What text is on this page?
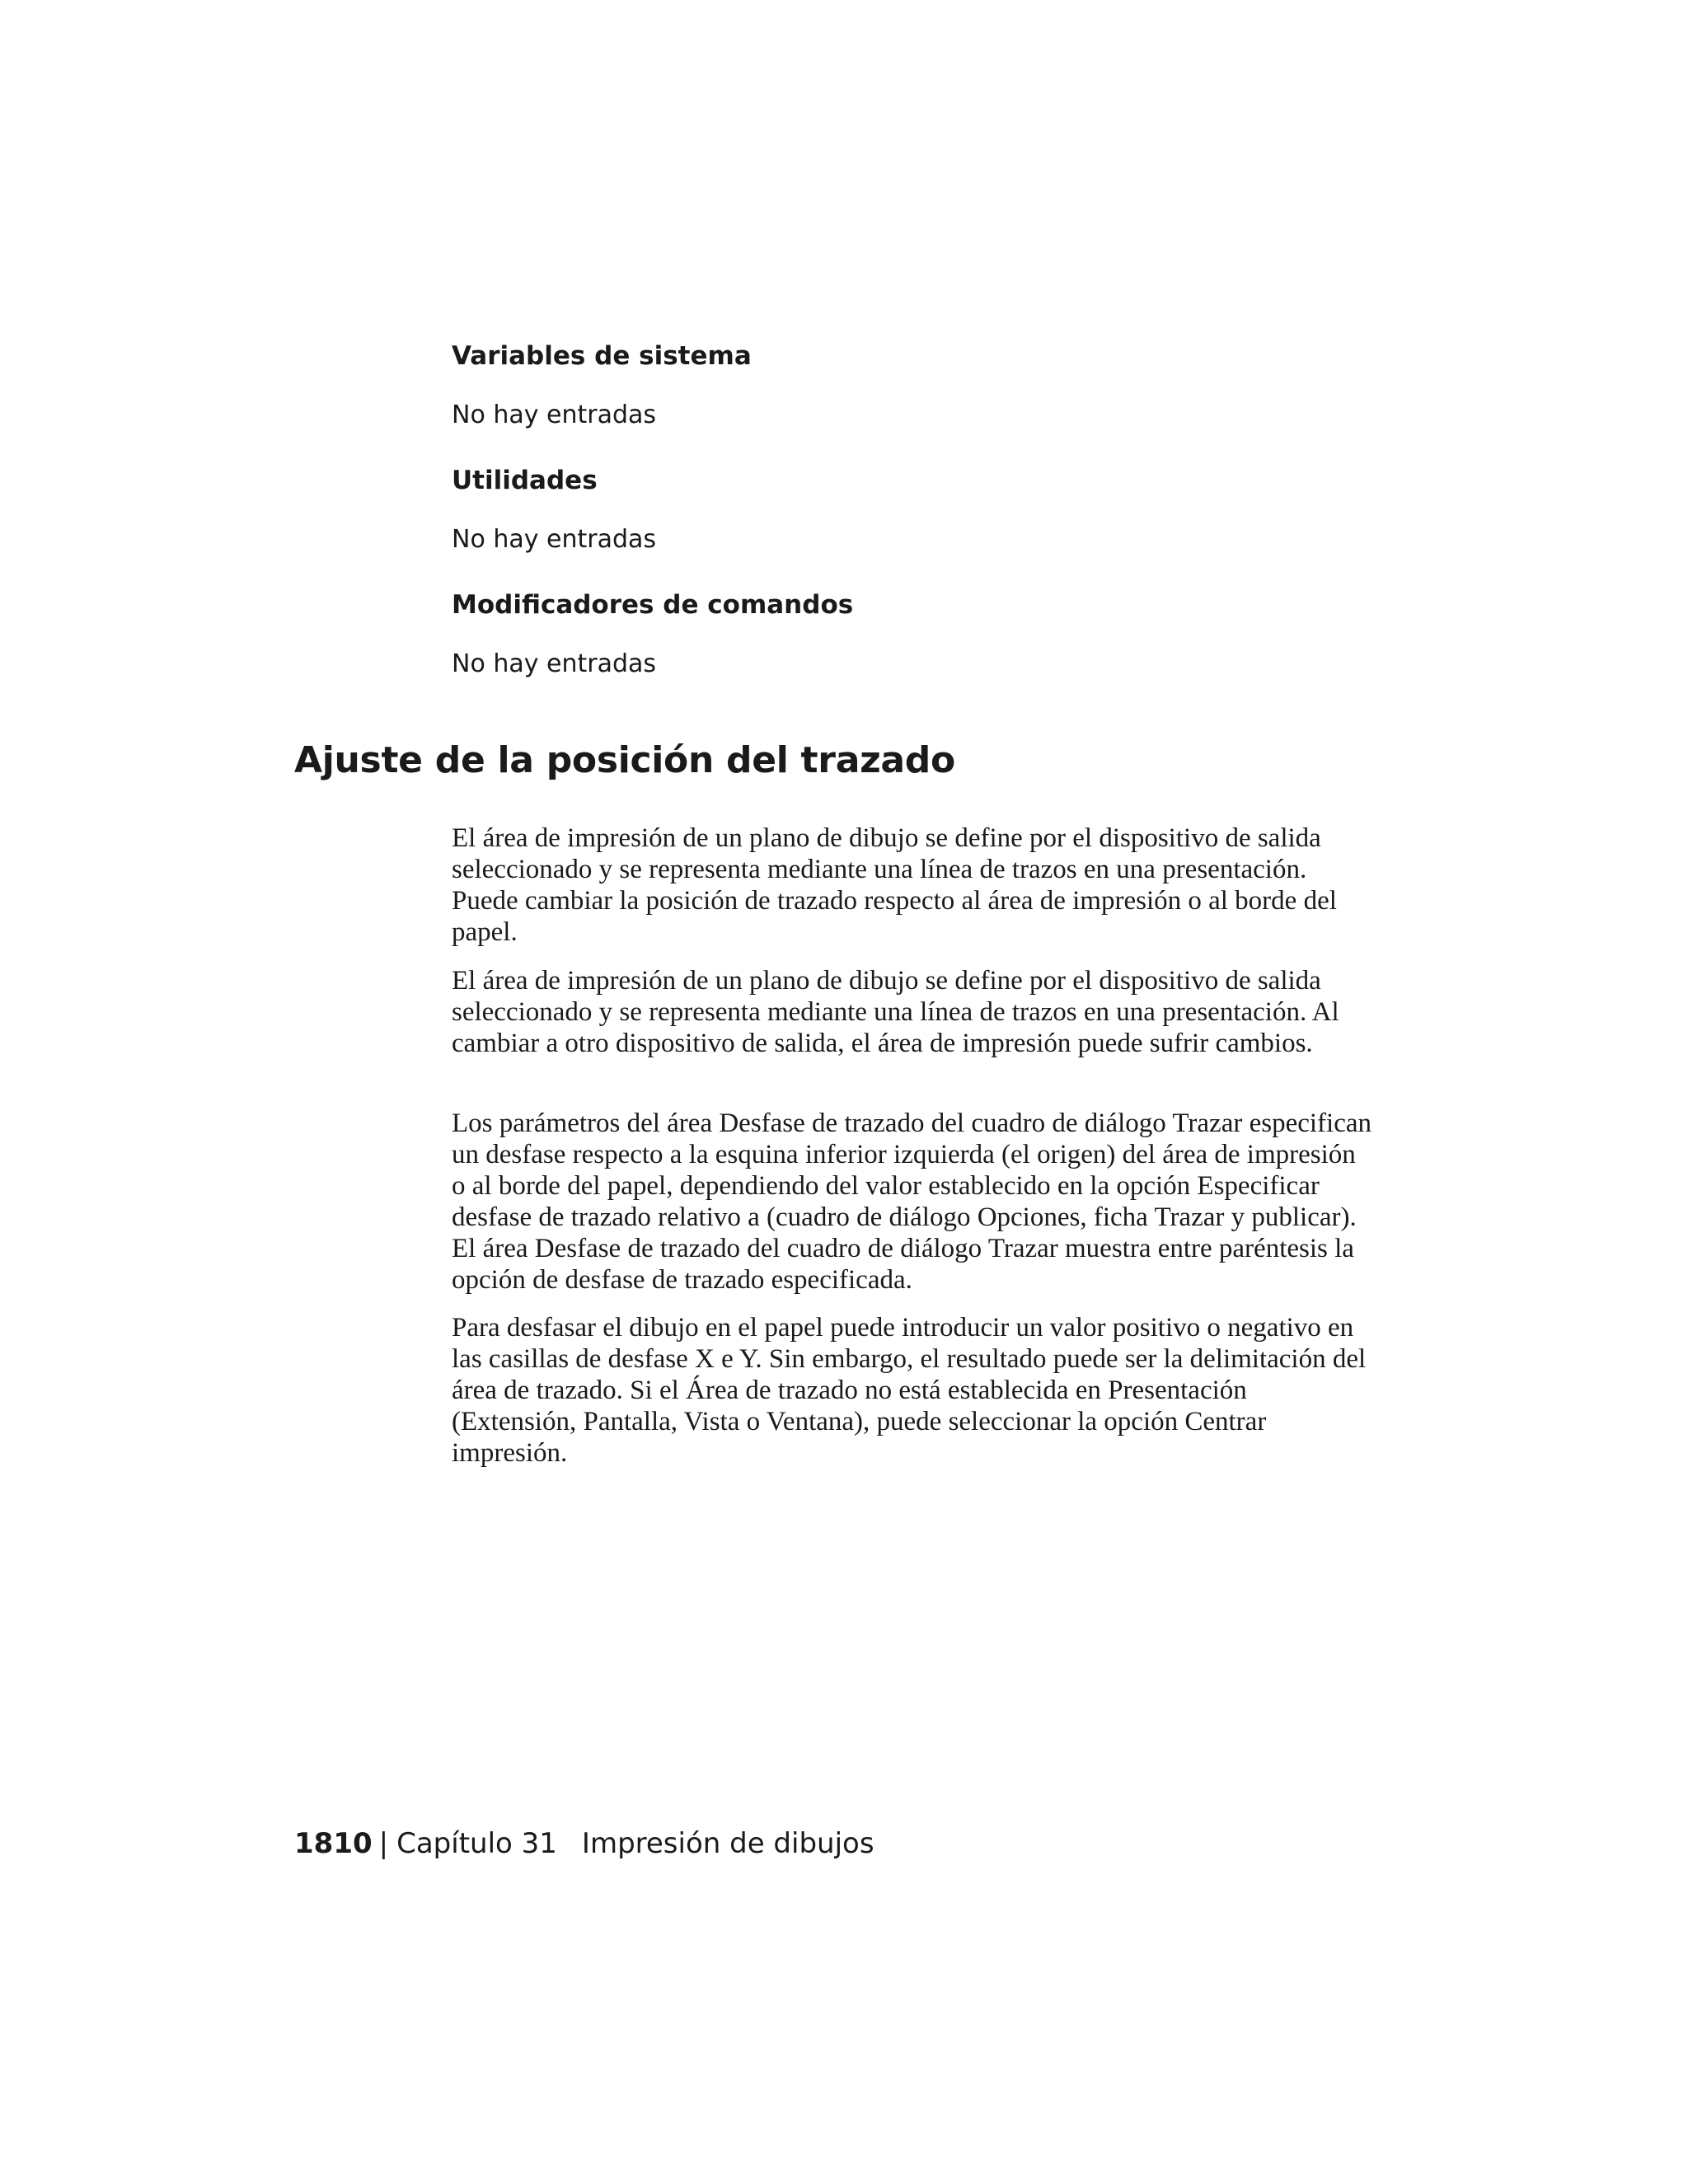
Variables de sistema

No hay entradas

Utilidades

No hay entradas

Modificadores de comandos

No hay entradas

Ajuste de la posición del trazado

El área de impresión de un plano de dibujo se define por el dispositivo de salida seleccionado y se representa mediante una línea de trazos en una presentación. Puede cambiar la posición de trazado respecto al área de impresión o al borde del papel.

El área de impresión de un plano de dibujo se define por el dispositivo de salida seleccionado y se representa mediante una línea de trazos en una presentación. Al cambiar a otro dispositivo de salida, el área de impresión puede sufrir cambios.

Los parámetros del área Desfase de trazado del cuadro de diálogo Trazar especifican un desfase respecto a la esquina inferior izquierda (el origen) del área de impresión o al borde del papel, dependiendo del valor establecido en la opción Especificar desfase de trazado relativo a (cuadro de diálogo Opciones, ficha Trazar y publicar). El área Desfase de trazado del cuadro de diálogo Trazar muestra entre paréntesis la opción de desfase de trazado especificada.

Para desfasar el dibujo en el papel puede introducir un valor positivo o negativo en las casillas de desfase X e Y. Sin embargo, el resultado puede ser la delimitación del área de trazado. Si el Área de trazado no está establecida en Presentación (Extensión, Pantalla, Vista o Ventana), puede seleccionar la opción Centrar impresión.

1810 | Capítulo 31 Impresión de dibujos
